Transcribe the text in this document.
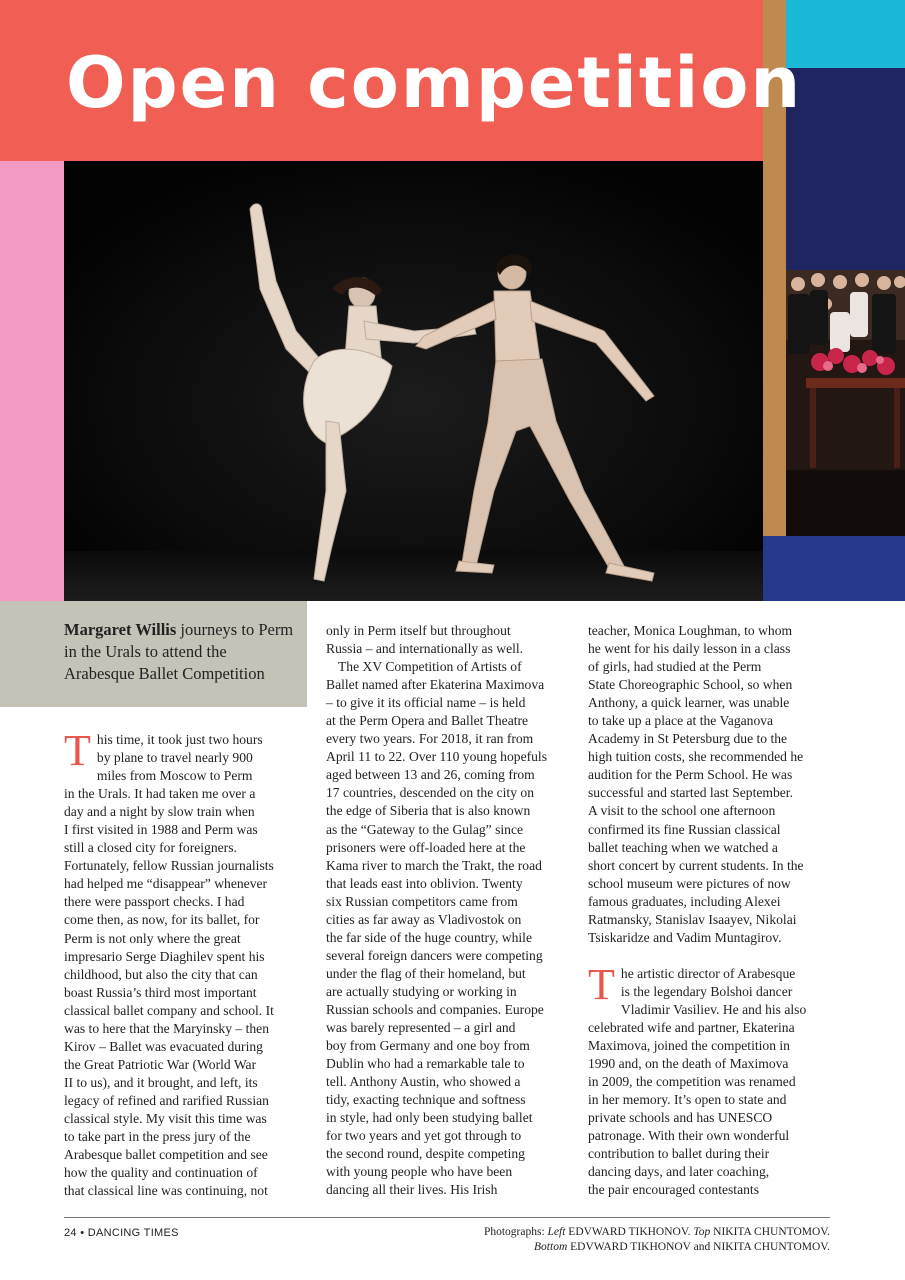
Open competition

Margaret Willis journeys to Perm in the Urals to attend the Arabesque Ballet Competition

T his time, it took just two hours
by plane to travel nearly 900
miles from Moscow to Perm
in the Urals. It had taken me over a
day and a night by slow train when
I first visited in 1988 and Perm was
still a closed city for foreigners.
Fortunately, fellow Russian journalists
had helped me “disappear” whenever
there were passport checks. I had
come then, as now, for its ballet, for
Perm is not only where the great
impresario Serge Diaghilev spent his
childhood, but also the city that can
boast Russia’s third most important
classical ballet company and school. It
was to here that the Maryinsky – then
Kirov – Ballet was evacuated during
the Great Patriotic War (World War
II to us), and it brought, and left, its
legacy of refined and rarified Russian
classical style. My visit this time was
to take part in the press jury of the
Arabesque ballet competition and see
how the quality and continuation of
that classical line was continuing, not
only in Perm itself but throughout
Russia – and internationally as well.
The XV Competition of Artists of
Ballet named after Ekaterina Maximova
– to give it its official name – is held
at the Perm Opera and Ballet Theatre
every two years. For 2018, it ran from
April 11 to 22. Over 110 young hopefuls
aged between 13 and 26, coming from
17 countries, descended on the city on
the edge of Siberia that is also known
as the “Gateway to the Gulag” since
prisoners were off-loaded here at the
Kama river to march the Trakt, the road
that leads east into oblivion. Twenty
six Russian competitors came from
cities as far away as Vladivostok on
the far side of the huge country, while
several foreign dancers were competing
under the flag of their homeland, but
are actually studying or working in
Russian schools and companies. Europe
was barely represented – a girl and
boy from Germany and one boy from
Dublin who had a remarkable tale to
tell. Anthony Austin, who showed a
tidy, exacting technique and softness
in style, had only been studying ballet
for two years and yet got through to
the second round, despite competing
with young people who have been
dancing all their lives. His Irish
teacher, Monica Loughman, to whom
he went for his daily lesson in a class
of girls, had studied at the Perm
State Choreographic School, so when
Anthony, a quick learner, was unable
to take up a place at the Vaganova
Academy in St Petersburg due to the
high tuition costs, she recommended he
audition for the Perm School. He was
successful and started last September.
A visit to the school one afternoon
confirmed its fine Russian classical
ballet teaching when we watched a
short concert by current students. In the
school museum were pictures of now
famous graduates, including Alexei
Ratmansky, Stanislav Isaayev, Nikolai
Tsiskaridze and Vadim Muntagirov.
T he artistic director of Arabesque
is the legendary Bolshoi dancer
Vladimir Vasiliev. He and his also
celebrated wife and partner, Ekaterina
Maximova, joined the competition in
1990 and, on the death of Maximova
in 2009, the competition was renamed
in her memory. It’s open to state and
private schools and has UNESCO
patronage. With their own wonderful
contribution to ballet during their
dancing days, and later coaching,
the pair encouraged contestants
24 • DANCING TIMES	Photographs: Left EDVWARD TIKHONOV. Top NIKITA CHUNTOMOV.
Bottom EDVWARD TIKHONOV and NIKITA CHUNTOMOV.
